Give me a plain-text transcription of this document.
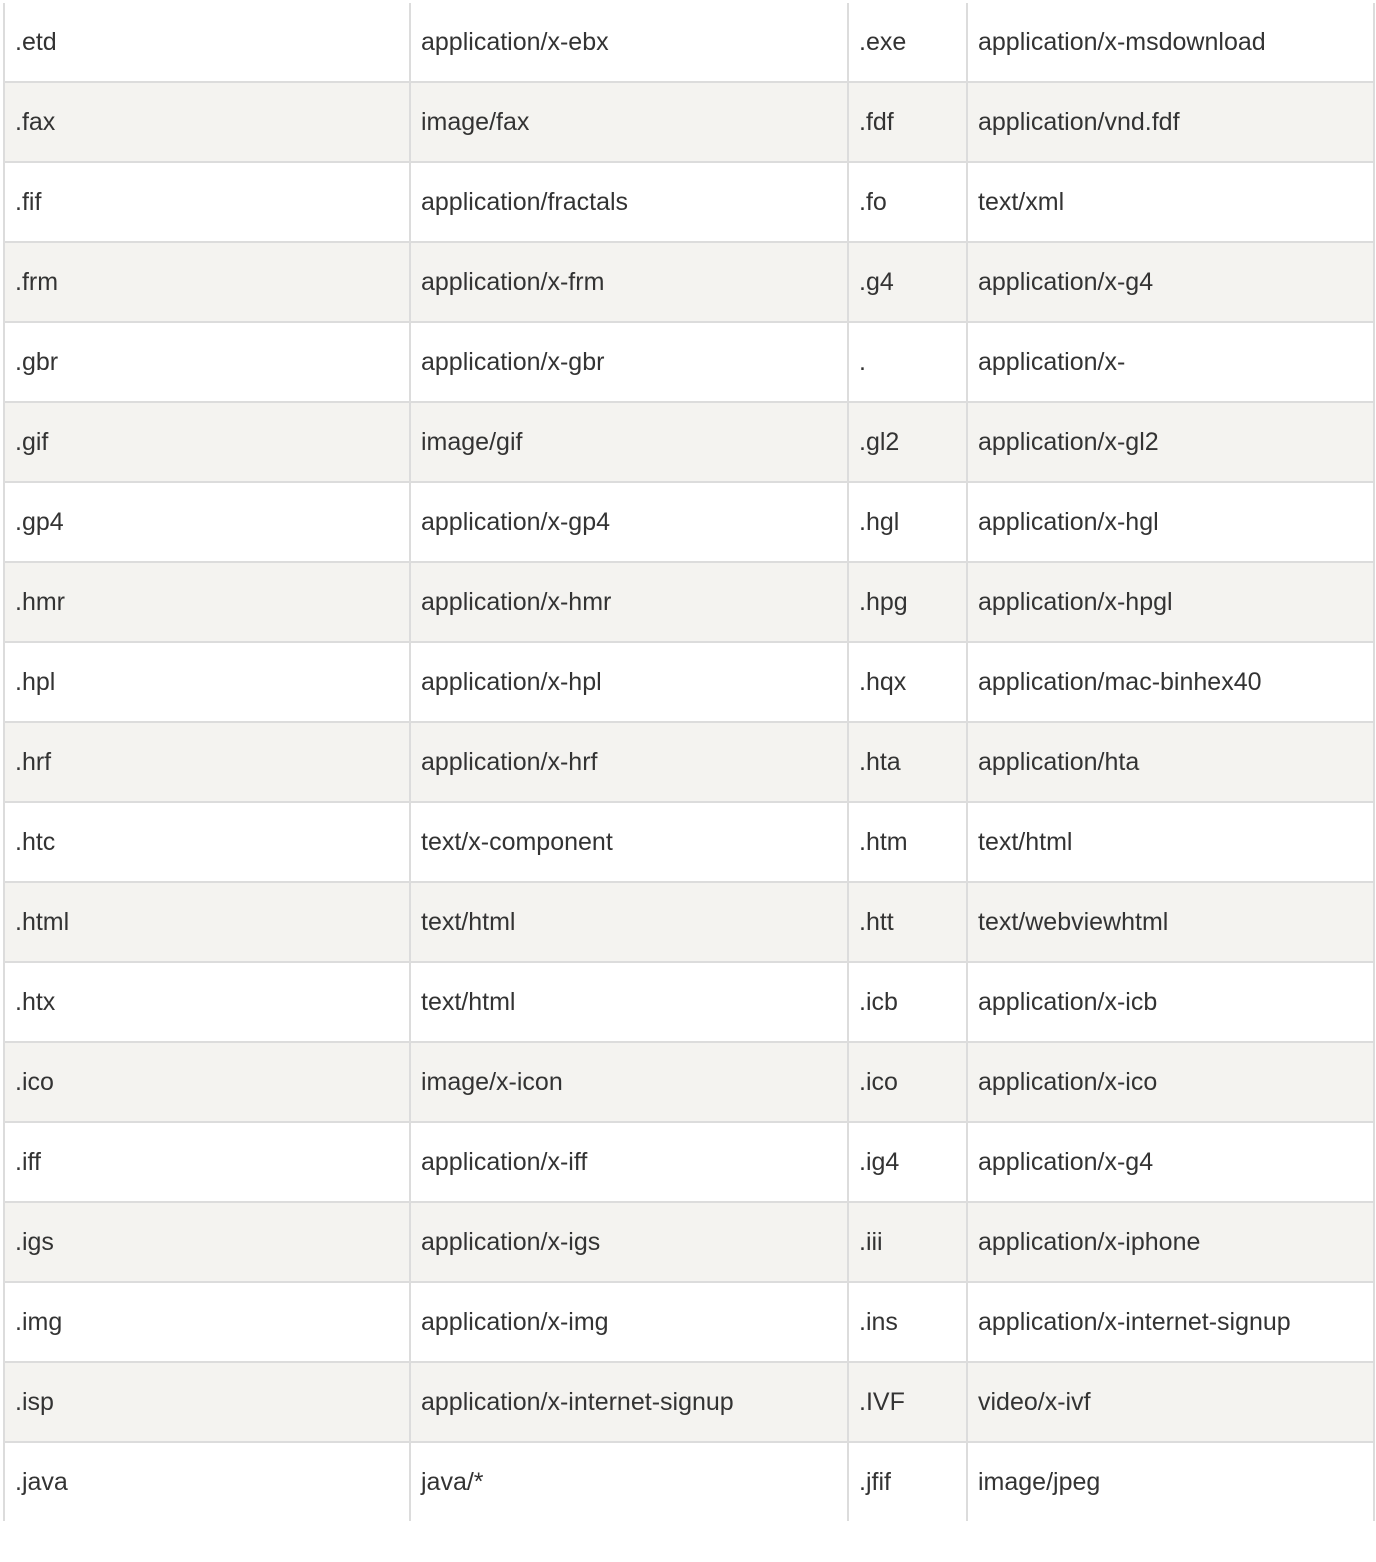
.etd	application/x-ebx	.exe	application/x-msdownload
.fax	image/fax	.fdf	application/vnd.fdf
.fif	application/fractals	.fo	text/xml
.frm	application/x-frm	.g4	application/x-g4
.gbr	application/x-gbr	.	application/x-
.gif	image/gif	.gl2	application/x-gl2
.gp4	application/x-gp4	.hgl	application/x-hgl
.hmr	application/x-hmr	.hpg	application/x-hpgl
.hpl	application/x-hpl	.hqx	application/mac-binhex40
.hrf	application/x-hrf	.hta	application/hta
.htc	text/x-component	.htm	text/html
.html	text/html	.htt	text/webviewhtml
.htx	text/html	.icb	application/x-icb
.ico	image/x-icon	.ico	application/x-ico
.iff	application/x-iff	.ig4	application/x-g4
.igs	application/x-igs	.iii	application/x-iphone
.img	application/x-img	.ins	application/x-internet-signup
.isp	application/x-internet-signup	.IVF	video/x-ivf
.java	java/*	.jfif	image/jpeg
